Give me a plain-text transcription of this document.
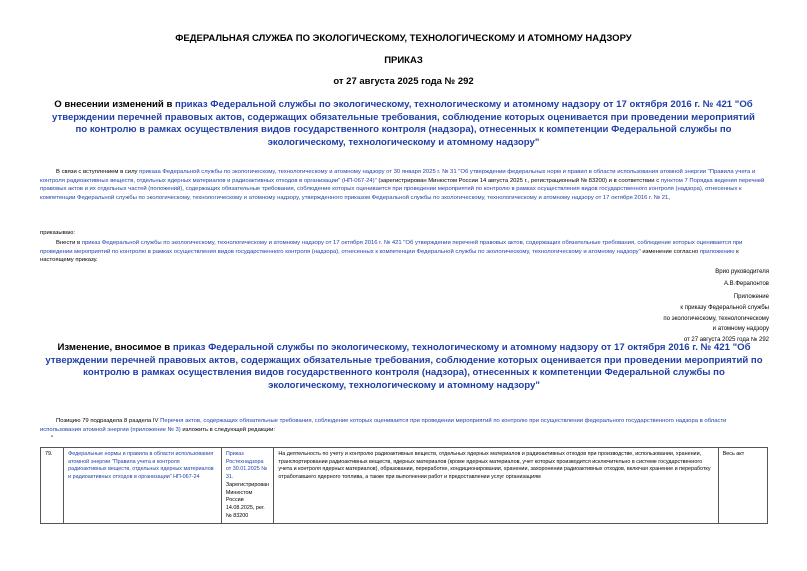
ФЕДЕРАЛЬНАЯ СЛУЖБА ПО ЭКОЛОГИЧЕСКОМУ, ТЕХНОЛОГИЧЕСКОМУ И АТОМНОМУ НАДЗОРУ
ПРИКАЗ
от 27 августа 2025 года № 292
О внесении изменений в приказ Федеральной службы по экологическому, технологическому и атомному надзору от 17 октября 2016 г. № 421 "Об утверждении перечней правовых актов, содержащих обязательные требования, соблюдение которых оценивается при проведении мероприятий по контролю в рамках осуществления видов государственного контроля (надзора), отнесенных к компетенции Федеральной службы по экологическому, технологическому и атомному надзору"
В связи с вступлением в силу приказа Федеральной службы по экологическому, технологическому и атомному надзору от 30 января 2025 г. № 31 "Об утверждении федеральных норм и правил в области использования атомной энергии "Правила учета и контроля радиоактивных веществ, отдельных ядерных материалов и радиоактивных отходов в организации" (НП-067-24)" (зарегистрирован Минюстом России 14 августа 2025 г., регистрационный № 83200) и в соответствии с пунктом 7 Порядка ведения перечней правовых актов и их отдельных частей (положений), содержащих обязательные требования, соблюдение которых оценивается при проведении мероприятий по контролю в рамках осуществления видов государственного контроля (надзора), отнесенных к компетенции Федеральной службы по экологическому, технологическому и атомному надзору, утвержденного приказом Федеральной службы по экологическому, технологическому и атомному надзору от 17 октября 2016 г. № 21,
приказываю:
Внести в приказ Федеральной службы по экологическому, технологическому и атомному надзору от 17 октября 2016 г. № 421 "Об утверждении перечней правовых актов, содержащих обязательные требования, соблюдение которых оценивается при проведении мероприятий по контролю в рамках осуществления видов государственного контроля (надзора), отнесенных к компетенции Федеральной службы по экологическому, технологическому и атомному надзору" изменение согласно приложению к настоящему приказу.
Врио руководителя
А.В.Ферапонтов
Приложение
к приказу Федеральной службы
по экологическому, технологическому
и атомному надзору
от 27 августа 2025 года № 292
Изменение, вносимое в приказ Федеральной службы по экологическому, технологическому и атомному надзору от 17 октября 2016 г. № 421 "Об утверждении перечней правовых актов, содержащих обязательные требования, соблюдение которых оценивается при проведении мероприятий по контролю в рамках осуществления видов государственного контроля (надзора), отнесенных к компетенции Федеральной службы по экологическому, технологическому и атомному надзору"
Позицию 79 подраздела 8 раздела IV Перечня актов, содержащих обязательные требования, соблюдение которых оценивается при проведении мероприятий по контролю при осуществлении федерального государственного надзора в области использования атомной энергии (приложение № 3) изложить в следующей редакции:
"
79.	Федеральные нормы и правила в области использования атомной энергии "Правила учета и контроля радиоактивных веществ, отдельных ядерных материалов и радиоактивных отходов в организации" НП-067-24	Приказ Ростехнадзора от 30.01.2025 № 31. Зарегистрирован Минюстом России 14.08.2025, рег. № 83200	На деятельность по учету и контролю радиоактивных веществ, отдельных ядерных материалов и радиоактивных отходов при производстве, использовании, хранении, транспортировании радиоактивных веществ, ядерных материалов (кроме ядерных материалов, учет которых производится исключительно в системе государственного учета и контроля ядерных материалов), образовании, переработке, кондиционировании, хранении, захоронении радиоактивных отходов, включая хранение и переработку отработавшего ядерного топлива, а также при выполнении работ и предоставлении услуг организациям	Весь акт
